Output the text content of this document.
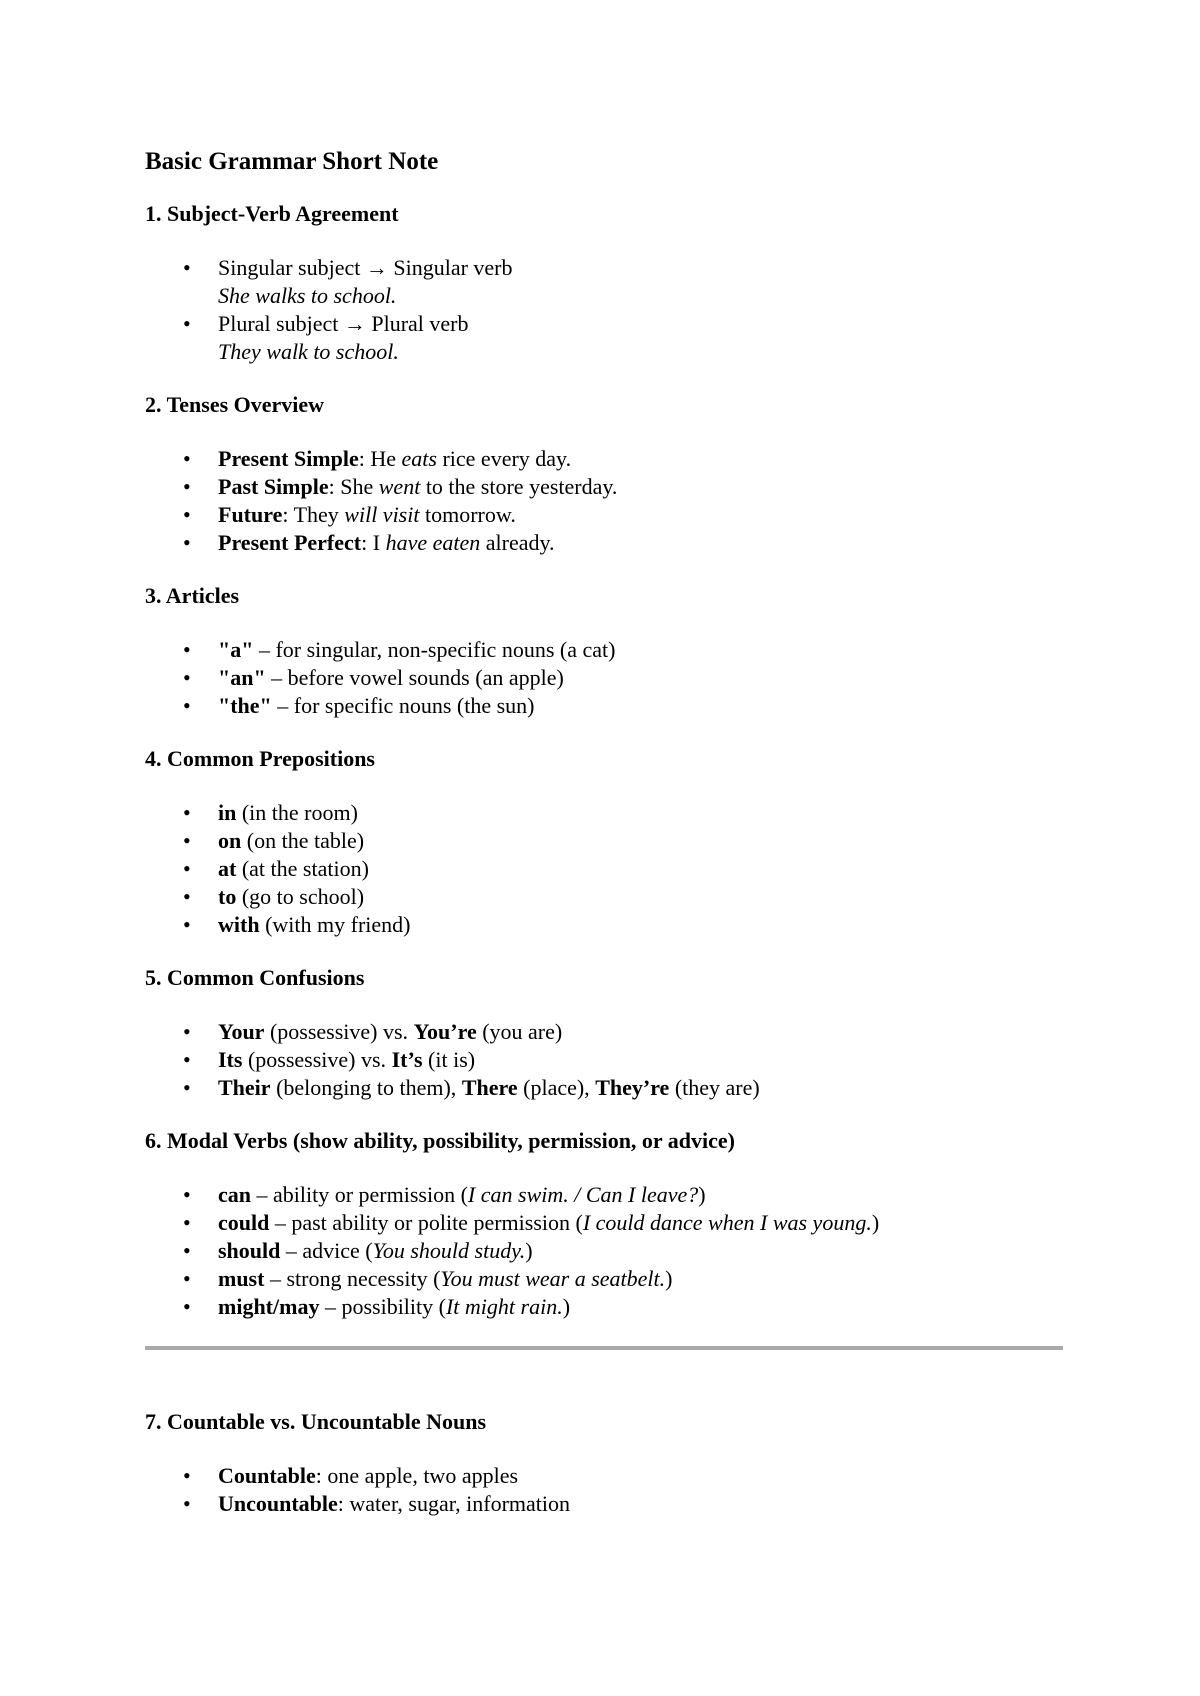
Basic Grammar Short Note
1. Subject-Verb Agreement
• Singular subject → Singular verb
She walks to school.
• Plural subject → Plural verb
They walk to school.
2. Tenses Overview
• Present Simple: He eats rice every day.
• Past Simple: She went to the store yesterday.
• Future: They will visit tomorrow.
• Present Perfect: I have eaten already.
3. Articles
• "a" – for singular, non-specific nouns (a cat)
• "an" – before vowel sounds (an apple)
• "the" – for specific nouns (the sun)
4. Common Prepositions
• in (in the room)
• on (on the table)
• at (at the station)
• to (go to school)
• with (with my friend)
5. Common Confusions
• Your (possessive) vs. You’re (you are)
• Its (possessive) vs. It’s (it is)
• Their (belonging to them), There (place), They’re (they are)
6. Modal Verbs (show ability, possibility, permission, or advice)
• can – ability or permission (I can swim. / Can I leave?)
• could – past ability or polite permission (I could dance when I was young.)
• should – advice (You should study.)
• must – strong necessity (You must wear a seatbelt.)
• might/may – possibility (It might rain.)
7. Countable vs. Uncountable Nouns
• Countable: one apple, two apples
• Uncountable: water, sugar, information
